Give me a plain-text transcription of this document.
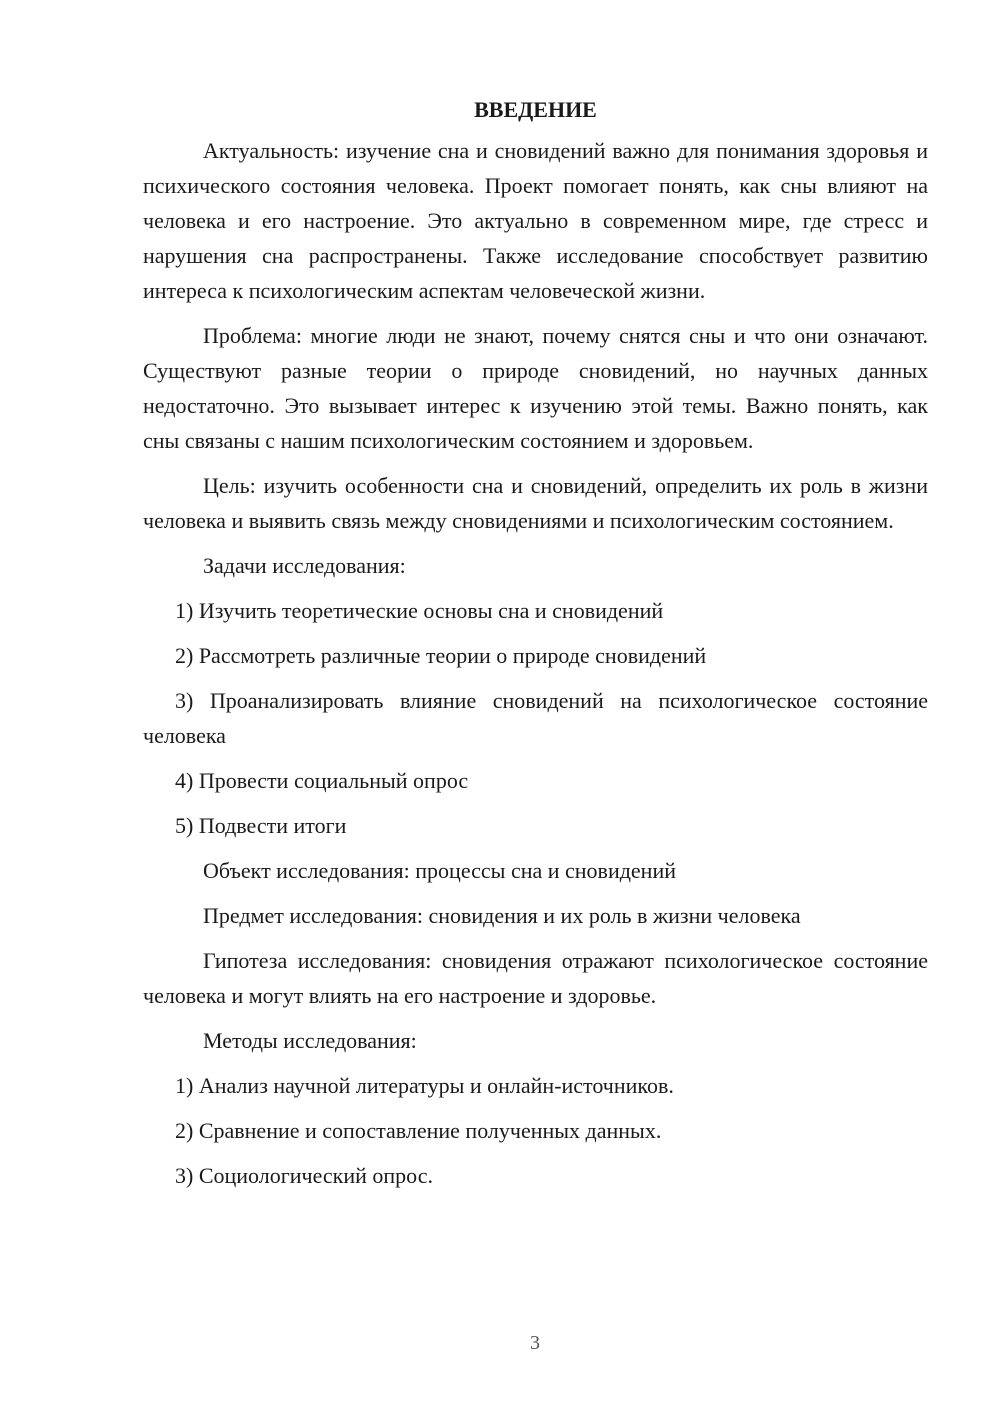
ВВЕДЕНИЕ

Актуальность: изучение сна и сновидений важно для понимания здоровья и психического состояния человека. Проект помогает понять, как сны влияют на человека и его настроение. Это актуально в современном мире, где стресс и нарушения сна распространены. Также исследование способствует развитию интереса к психологическим аспектам человеческой жизни.

Проблема: многие люди не знают, почему снятся сны и что они означают. Существуют разные теории о природе сновидений, но научных данных недостаточно. Это вызывает интерес к изучению этой темы. Важно понять, как сны связаны с нашим психологическим состоянием и здоровьем.

Цель: изучить особенности сна и сновидений, определить их роль в жизни человека и выявить связь между сновидениями и психологическим состоянием.

Задачи исследования:

1) Изучить теоретические основы сна и сновидений

2) Рассмотреть различные теории о природе сновидений

3) Проанализировать влияние сновидений на психологическое состояние человека

4) Провести социальный опрос

5) Подвести итоги

Объект исследования: процессы сна и сновидений

Предмет исследования: сновидения и их роль в жизни человека

Гипотеза исследования: сновидения отражают психологическое состояние человека и могут влиять на его настроение и здоровье.

Методы исследования:

1) Анализ научной литературы и онлайн-источников.

2) Сравнение и сопоставление полученных данных.

3) Социологический опрос.

3
